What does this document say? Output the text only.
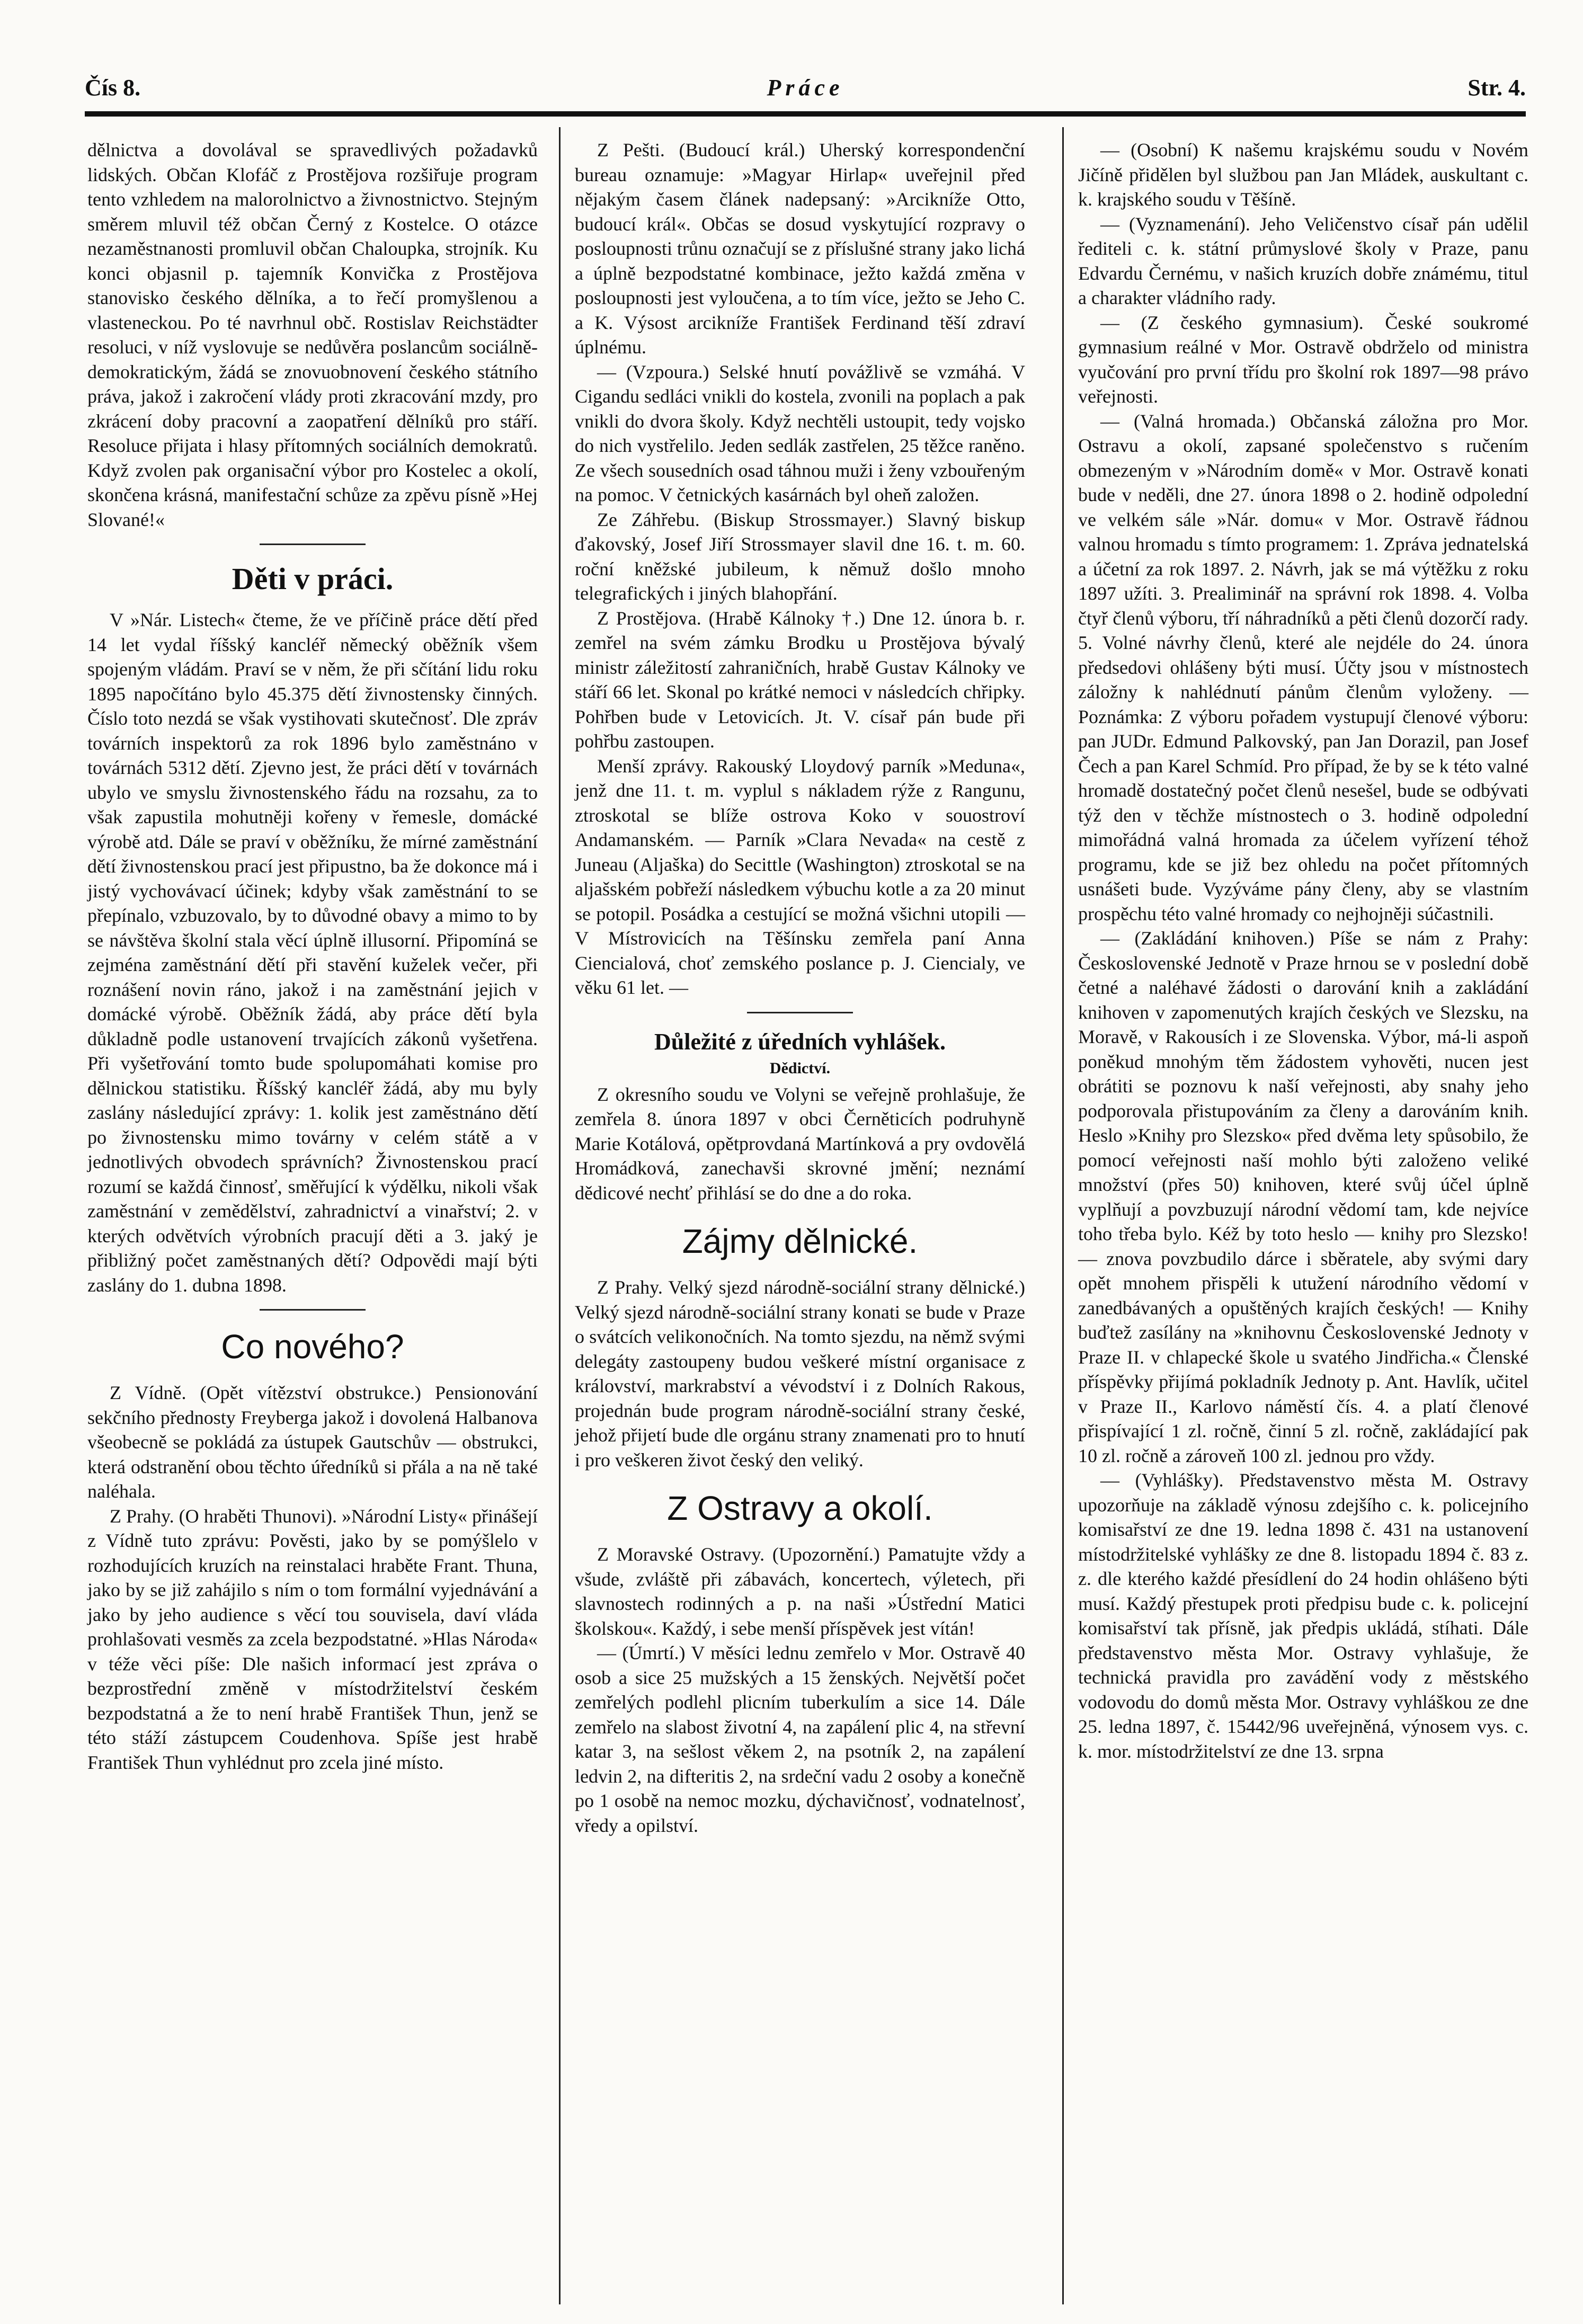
Čís 8.	Práce	Str. 4.

dělnictva a dovolával se spravedlivých požadavků lidských. Občan Klofáč z Prostějova rozšiřuje program tento vzhledem na malorolnictvo a živnostnictvo. Stejným směrem mluvil též občan Černý z Kostelce. O otázce nezaměstnanosti promluvil občan Chaloupka, strojník. Ku konci objasnil p. tajemník Konvička z Prostějova stanovisko českého dělníka, a to řečí promyšlenou a vlasteneckou. Po té navrhnul obč. Rostislav Reichstädter resoluci, v níž vyslovuje se nedůvěra poslancům sociálně-demokratickým, žádá se znovuobnovení českého státního práva, jakož i zakročení vlády proti zkracování mzdy, pro zkrácení doby pracovní a zaopatření dělníků pro stáří. Resoluce přijata i hlasy přítomných sociálních demokratů. Když zvolen pak organisační výbor pro Kostelec a okolí, skončena krásná, manifestační schůze za zpěvu písně »Hej Slované!«

Děti v práci.

V »Nár. Listech« čteme, že ve příčině práce dětí před 14 let vydal říšský kancléř německý oběžník všem spojeným vládám. Praví se v něm, že při sčítání lidu roku 1895 napočítáno bylo 45.375 dětí živnostensky činných. Číslo toto nezdá se však vystihovati skutečnosť. Dle zpráv továrních inspektorů za rok 1896 bylo zaměstnáno v továrnách 5312 dětí. Zjevno jest, že práci dětí v továrnách ubylo ve smyslu živnostenského řádu na rozsahu, za to však zapustila mohutněji kořeny v řemesle, domácké výrobě atd. Dále se praví v oběžníku, že mírné zaměstnání dětí živnostenskou prací jest připustno, ba že dokonce má i jistý vychovávací účinek; kdyby však zaměstnání to se přepínalo, vzbuzovalo, by to důvodné obavy a mimo to by se návštěva školní stala věcí úplně illusorní. Připomíná se zejména zaměstnání dětí při stavění kuželek večer, při roznášení novin ráno, jakož i na zaměstnání jejich v domácké výrobě. Oběžník žádá, aby práce dětí byla důkladně podle ustanovení trvajících zákonů vyšetřena. Při vyšetřování tomto bude spolupomáhati komise pro dělnickou statistiku. Říšský kancléř žádá, aby mu byly zaslány následující zprávy: 1. kolik jest zaměstnáno dětí po živnostensku mimo továrny v celém státě a v jednotlivých obvodech správních? Živnostenskou prací rozumí se každá činnosť, směřující k výdělku, nikoli však zaměstnání v zemědělství, zahradnictví a vinařství; 2. v kterých odvětvích výrobních pracují děti a 3. jaký je přibližný počet zaměstnaných dětí? Odpovědi mají býti zaslány do 1. dubna 1898.

Co nového?

Z Vídně. (Opět vítězství obstrukce.) Pensionování sekčního přednosty Freyberga jakož i dovolená Halbanova všeobecně se pokládá za ústupek Gautschův — obstrukci, která odstranění obou těchto úředníků si přála a na ně také naléhala.

Z Prahy. (O hraběti Thunovi). »Národní Listy« přinášejí z Vídně tuto zprávu: Pověsti, jako by se pomýšlelo v rozhodujících kruzích na reinstalaci hraběte Frant. Thuna, jako by se již zahájilo s ním o tom formální vyjednávání a jako by jeho audience s věcí tou souvisela, daví vláda prohlašovati vesměs za zcela bezpodstatné. »Hlas Národa« v téže věci píše: Dle našich informací jest zpráva o bezprostřední změně v místodržitelství českém bezpodstatná a že to není hrabě František Thun, jenž se této stáží zástupcem Coudenhova. Spíše jest hrabě František Thun vyhlédnut pro zcela jiné místo.

Z Pešti. (Budoucí král.) Uherský korrespondenční bureau oznamuje: »Magyar Hirlap« uveřejnil před nějakým časem článek nadepsaný: »Arcikníže Otto, budoucí král«. Občas se dosud vyskytující rozpravy o posloupnosti trůnu označují se z příslušné strany jako lichá a úplně bezpodstatné kombinace, ježto každá změna v posloupnosti jest vyloučena, a to tím více, ježto se Jeho C. a K. Výsost arcikníže František Ferdinand těší zdraví úplnému.

— (Vzpoura.) Selské hnutí povážlivě se vzmáhá. V Cigandu sedláci vnikli do kostela, zvonili na poplach a pak vnikli do dvora školy. Když nechtěli ustoupit, tedy vojsko do nich vystřelilo. Jeden sedlák zastřelen, 25 těžce raněno. Ze všech sousedních osad táhnou muži i ženy vzbouřeným na pomoc. V četnických kasárnách byl oheň založen.

Ze Záhřebu. (Biskup Strossmayer.) Slavný biskup ďakovský, Josef Jiří Strossmayer slavil dne 16. t. m. 60. roční kněžské jubileum, k němuž došlo mnoho telegrafických i jiných blahopřání.

Z Prostějova. (Hrabě Kálnoky †.) Dne 12. února b. r. zemřel na svém zámku Brodku u Prostějova bývalý ministr záležitostí zahraničních, hrabě Gustav Kálnoky ve stáří 66 let. Skonal po krátké nemoci v následcích chřipky. Pohřben bude v Letovicích. Jt. V. císař pán bude při pohřbu zastoupen.

Menší zprávy. Rakouský Lloydový parník »Meduna«, jenž dne 11. t. m. vyplul s nákladem rýže z Rangunu, ztroskotal se blíže ostrova Koko v souostroví Andamanském. — Parník »Clara Nevada« na cestě z Juneau (Aljaška) do Secittle (Washington) ztroskotal se na aljašském pobřeží následkem výbuchu kotle a za 20 minut se potopil. Posádka a cestující se možná všichni utopili — V Místrovicích na Těšínsku zemřela paní Anna Ciencialová, choť zemského poslance p. J. Ciencialy, ve věku 61 let. —

Důležité z úředních vyhlášek.
Dědictví.

Z okresního soudu ve Volyni se veřejně prohlašuje, že zemřela 8. února 1897 v obci Černěticích podruhyně Marie Kotálová, opětprovdaná Martínková a pry ovdovělá Hromádková, zanechavši skrovné jmění; neznámí dědicové nechť přihlásí se do dne a do roka.

Zájmy dělnické.

Z Prahy. Velký sjezd národně-sociální strany dělnické.) Velký sjezd národně-sociální strany konati se bude v Praze o svátcích velikonočních. Na tomto sjezdu, na němž svými delegáty zastoupeny budou veškeré místní organisace z království, markrabství a vévodství i z Dolních Rakous, projednán bude program národně-sociální strany české, jehož přijetí bude dle orgánu strany znamenati pro to hnutí i pro veškeren život český den veliký.

Z Ostravy a okolí.

Z Moravské Ostravy. (Upozornění.) Pamatujte vždy a všude, zvláště při zábavách, koncertech, výletech, při slavnostech rodinných a p. na naši »Ústřední Matici školskou«. Každý, i sebe menší příspěvek jest vítán!

— (Úmrtí.) V měsíci lednu zemřelo v Mor. Ostravě 40 osob a sice 25 mužských a 15 ženských. Největší počet zemřelých podlehl plicním tuberkulím a sice 14. Dále zemřelo na slabost životní 4, na zapálení plic 4, na střevní katar 3, na sešlost věkem 2, na psotník 2, na zapálení ledvin 2, na difteritis 2, na srdeční vadu 2 osoby a konečně po 1 osobě na nemoc mozku, dýchavičnosť, vodnatelnosť, vředy a opilství.

— (Osobní) K našemu krajskému soudu v Novém Jičíně přidělen byl službou pan Jan Mládek, auskultant c. k. krajského soudu v Těšíně.

— (Vyznamenání). Jeho Veličenstvo císař pán udělil řediteli c. k. státní průmyslové školy v Praze, panu Edvardu Černému, v našich kruzích dobře známému, titul a charakter vládního rady.

— (Z českého gymnasium). České soukromé gymnasium reálné v Mor. Ostravě obdrželo od ministra vyučování pro první třídu pro školní rok 1897—98 právo veřejnosti.

— (Valná hromada.) Občanská záložna pro Mor. Ostravu a okolí, zapsané společenstvo s ručením obmezeným v »Národním domě« v Mor. Ostravě konati bude v neděli, dne 27. února 1898 o 2. hodině odpolední ve velkém sále »Nár. domu« v Mor. Ostravě řádnou valnou hromadu s tímto programem: 1. Zpráva jednatelská a účetní za rok 1897. 2. Návrh, jak se má výtěžku z roku 1897 užíti. 3. Prealiminář na správní rok 1898. 4. Volba čtyř členů výboru, tří náhradníků a pěti členů dozorčí rady. 5. Volné návrhy členů, které ale nejdéle do 24. února předsedovi ohlášeny býti musí. Účty jsou v místnostech záložny k nahlédnutí pánům členům vyloženy. — Poznámka: Z výboru pořadem vystupují členové výboru: pan JUDr. Edmund Palkovský, pan Jan Dorazil, pan Josef Čech a pan Karel Schmíd. Pro případ, že by se k této valné hromadě dostatečný počet členů nesešel, bude se odbývati týž den v těchže místnostech o 3. hodině odpolední mimořádná valná hromada za účelem vyřízení téhož programu, kde se již bez ohledu na počet přítomných usnášeti bude. Vyzýváme pány členy, aby se vlastním prospěchu této valné hromady co nejhojněji súčastnili.

— (Zakládání knihoven.) Píše se nám z Prahy: Československé Jednotě v Praze hrnou se v poslední době četné a naléhavé žádosti o darování knih a zakládání knihoven v zapomenutých krajích českých ve Slezsku, na Moravě, v Rakousích i ze Slovenska. Výbor, má-li aspoň poněkud mnohým těm žádostem vyhověti, nucen jest obrátiti se poznovu k naší veřejnosti, aby snahy jeho podporovala přistupováním za členy a darováním knih. Heslo »Knihy pro Slezsko« před dvěma lety spůsobilo, že pomocí veřejnosti naší mohlo býti založeno veliké množství (přes 50) knihoven, které svůj účel úplně vyplňují a povzbuzují národní vědomí tam, kde nejvíce toho třeba bylo. Kéž by toto heslo — knihy pro Slezsko! — znova povzbudilo dárce i sběratele, aby svými dary opět mnohem přispěli k utužení národního vědomí v zanedbávaných a opuštěných krajích českých! — Knihy buďtež zasílány na »knihovnu Československé Jednoty v Praze II. v chlapecké škole u svatého Jindřicha.« Členské příspěvky přijímá pokladník Jednoty p. Ant. Havlík, učitel v Praze II., Karlovo náměstí čís. 4. a platí členové přispívající 1 zl. ročně, činní 5 zl. ročně, zakládající pak 10 zl. ročně a zároveň 100 zl. jednou pro vždy.

— (Vyhlášky). Představenstvo města M. Ostravy upozorňuje na základě výnosu zdejšího c. k. policejního komisařství ze dne 19. ledna 1898 č. 431 na ustanovení místodržitelské vyhlášky ze dne 8. listopadu 1894 č. 83 z. z. dle kterého každé přesídlení do 24 hodin ohlášeno býti musí. Každý přestupek proti předpisu bude c. k. policejní komisařství tak přísně, jak předpis ukládá, stíhati. Dále představenstvo města Mor. Ostravy vyhlašuje, že technická pravidla pro zavádění vody z městského vodovodu do domů města Mor. Ostravy vyhláškou ze dne 25. ledna 1897, č. 15442/96 uveřejněná, výnosem vys. c. k. mor. místodržitelství ze dne 13. srpna
